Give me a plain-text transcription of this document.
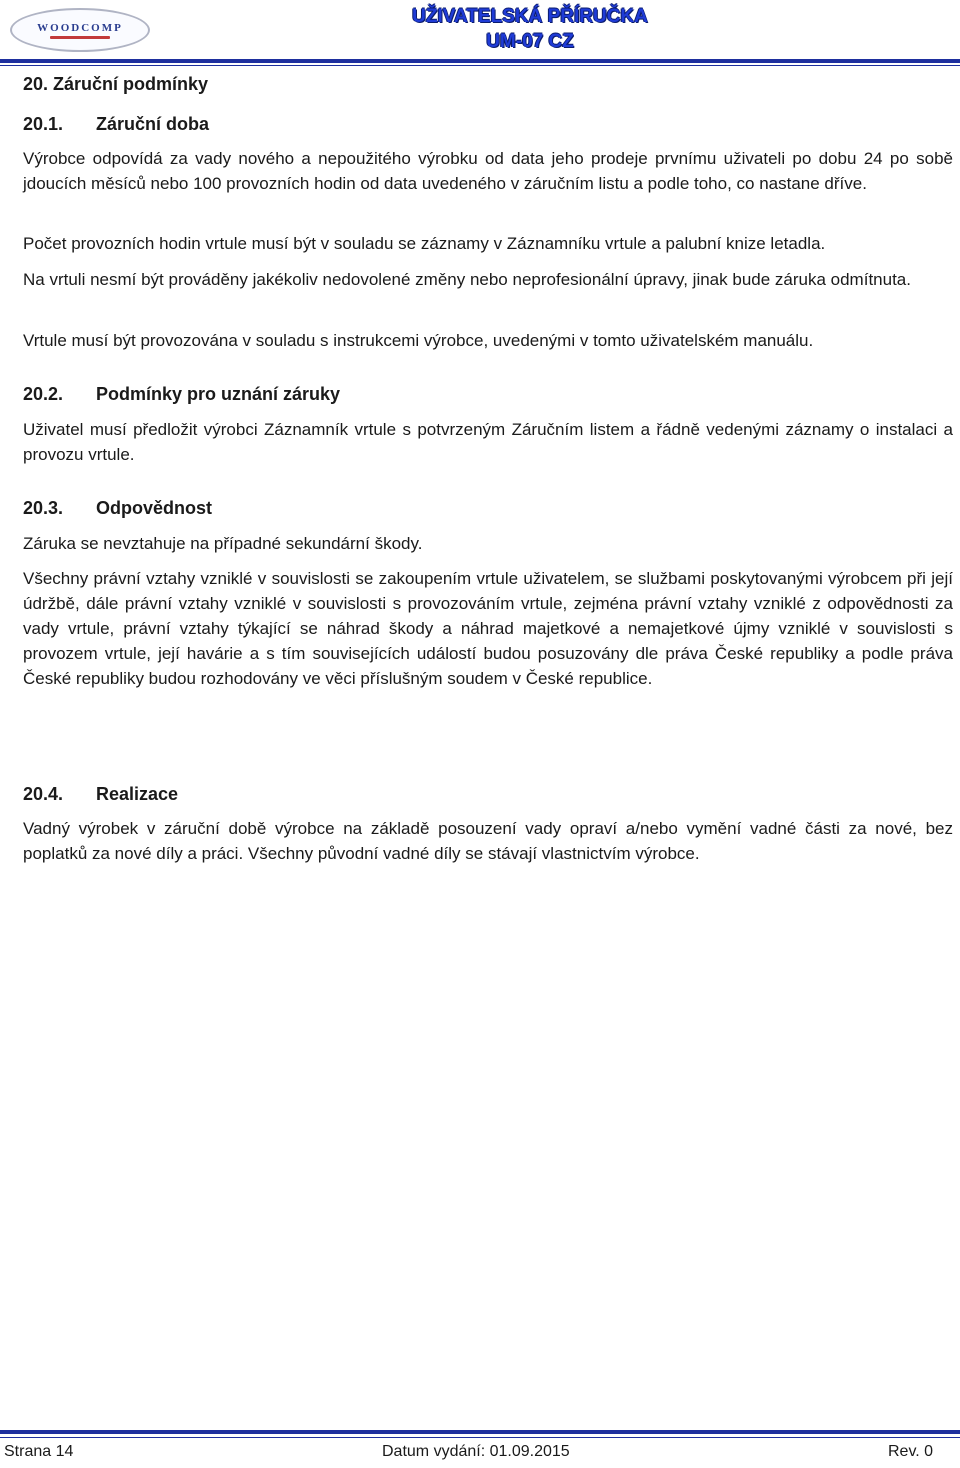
WOODCOMP
UŽIVATELSKÁ PŘÍRUČKA
UM-07 CZ
20. Záruční podmínky
20.1. Záruční doba
Výrobce odpovídá za vady nového a nepoužitého výrobku od data jeho prodeje prvnímu uživateli po dobu 24 po sobě jdoucích měsíců nebo 100 provozních hodin od data uvedeného v záručním listu a podle toho, co nastane dříve.
Počet provozních hodin vrtule musí být v souladu se záznamy v Záznamníku vrtule a palubní knize letadla.
Na vrtuli nesmí být prováděny jakékoliv nedovolené změny nebo neprofesionální úpravy, jinak bude záruka odmítnuta.
Vrtule musí být provozována v souladu s instrukcemi výrobce, uvedenými v tomto uživatelském manuálu.
20.2. Podmínky pro uznání záruky
Uživatel musí předložit výrobci Záznamník vrtule s potvrzeným Záručním listem a řádně vedenými záznamy o instalaci a provozu vrtule.
20.3. Odpovědnost
Záruka se nevztahuje na případné sekundární škody.
Všechny právní vztahy vzniklé v souvislosti se zakoupením vrtule uživatelem, se službami poskytovanými výrobcem při její údržbě, dále právní vztahy vzniklé v souvislosti s provozováním vrtule, zejména právní vztahy vzniklé z odpovědnosti za vady vrtule, právní vztahy týkající se náhrad škody a náhrad majetkové a nemajetkové újmy vzniklé v souvislosti s provozem vrtule, její havárie a s tím souvisejících událostí budou posuzovány dle práva České republiky a podle práva České republiky budou rozhodovány ve věci příslušným soudem v České republice.
20.4. Realizace
Vadný výrobek v záruční době výrobce na základě posouzení vady opraví a/nebo vymění vadné části za nové, bez poplatků za nové díly a práci. Všechny původní vadné díly se stávají vlastnictvím výrobce.
Strana 14	Datum vydání: 01.09.2015	Rev. 0
